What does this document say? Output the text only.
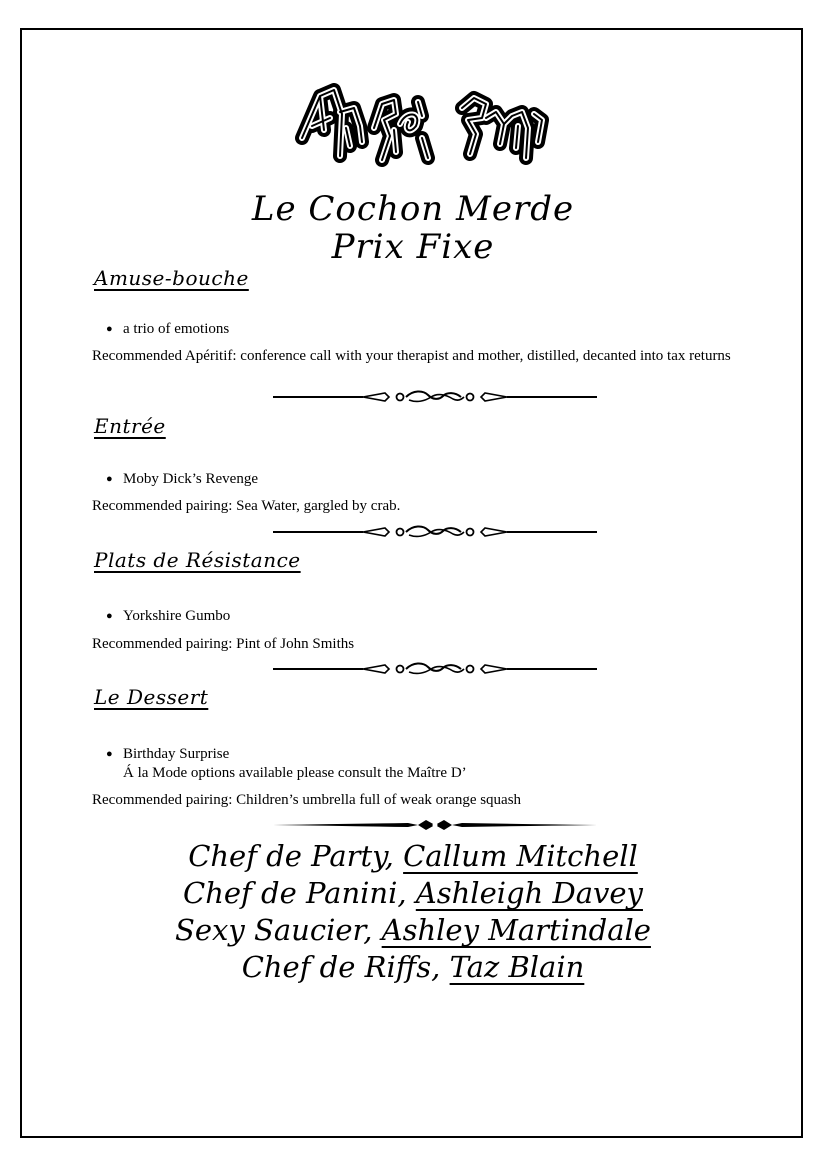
Le Cochon Merde
Prix Fixe
Amuse-bouche
● a trio of emotions
Recommended Apéritif: conference call with your therapist and mother, distilled, decanted into tax returns
Entrée
● Moby Dick’s Revenge
Recommended pairing: Sea Water, gargled by crab.
Plats de Résistance
● Yorkshire Gumbo
Recommended pairing: Pint of John Smiths
Le Dessert
● Birthday Surprise
Á la Mode options available please consult the Maître D’
Recommended pairing: Children’s umbrella full of weak orange squash
Chef de Party, Callum Mitchell
Chef de Panini, Ashleigh Davey
Sexy Saucier, Ashley Martindale
Chef de Riffs, Taz Blain
